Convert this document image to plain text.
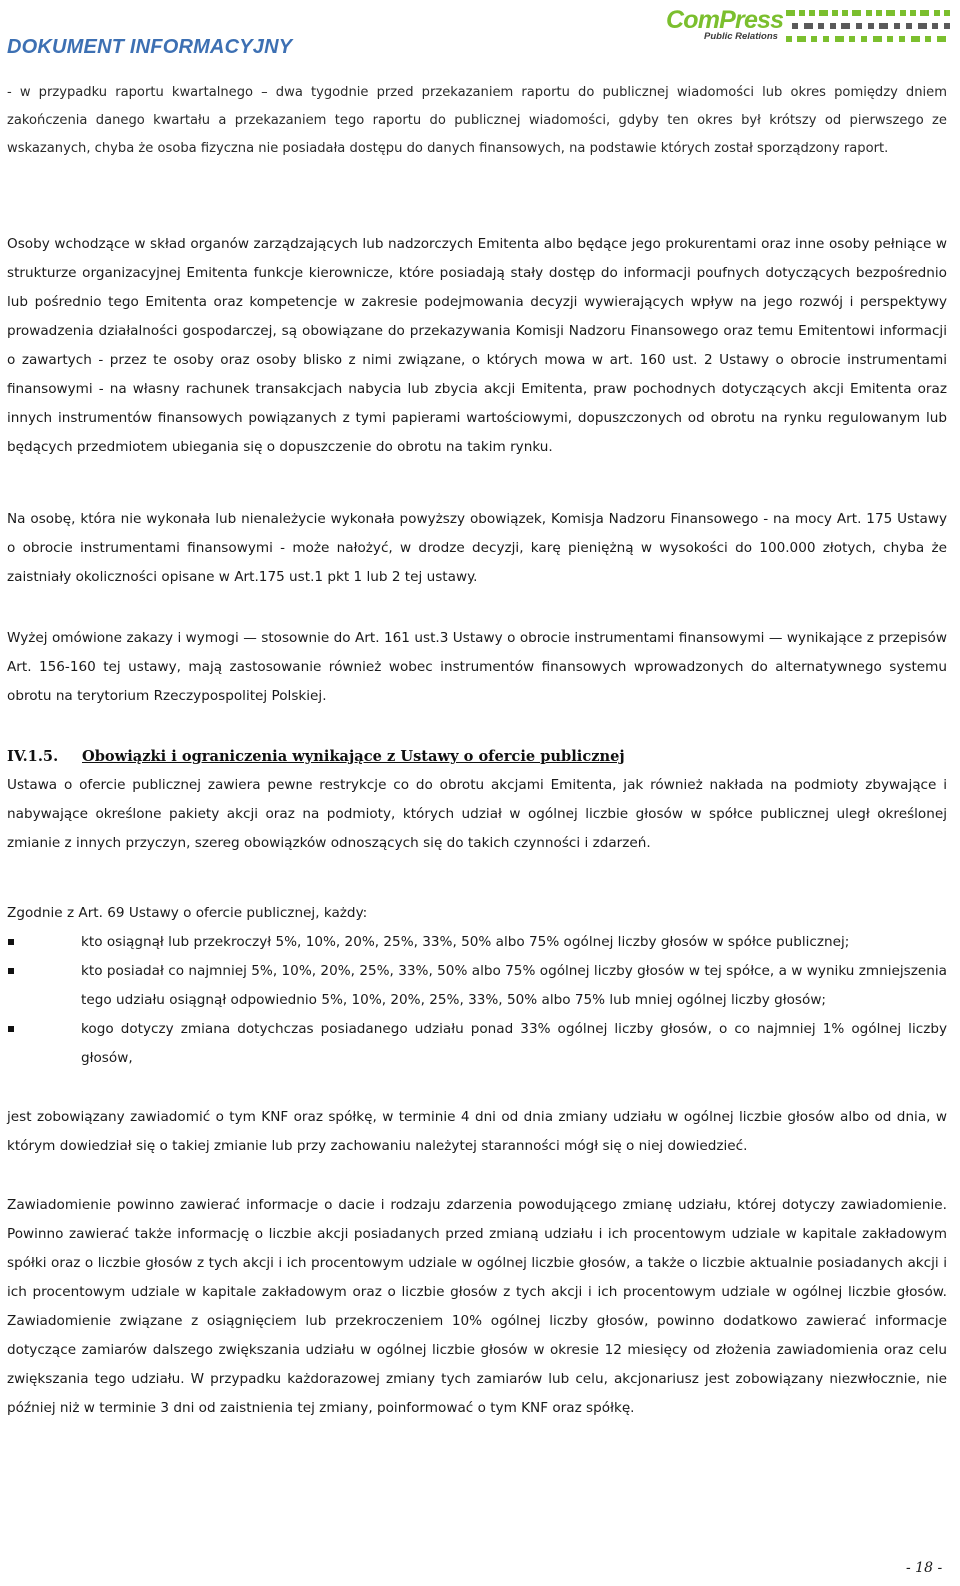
DOKUMENT INFORMACYJNY
ComPress
Public Relations
- w przypadku raportu kwartalnego – dwa tygodnie przed przekazaniem raportu do publicznej wiadomości lub okres pomiędzy dniem zakończenia danego kwartału a przekazaniem tego raportu do publicznej wiadomości, gdyby ten okres był krótszy od pierwszego ze wskazanych, chyba że osoba fizyczna nie posiadała dostępu do danych finansowych, na podstawie których został sporządzony raport.
Osoby wchodzące w skład organów zarządzających lub nadzorczych Emitenta albo będące jego prokurentami oraz inne osoby pełniące w strukturze organizacyjnej Emitenta funkcje kierownicze, które posiadają stały dostęp do informacji poufnych dotyczących bezpośrednio lub pośrednio tego Emitenta oraz kompetencje w zakresie podejmowania decyzji wywierających wpływ na jego rozwój i perspektywy prowadzenia działalności gospodarczej, są obowiązane do przekazywania Komisji Nadzoru Finansowego oraz temu Emitentowi informacji o zawartych - przez te osoby oraz osoby blisko z nimi związane, o których mowa w art. 160 ust. 2 Ustawy o obrocie instrumentami finansowymi - na własny rachunek transakcjach nabycia lub zbycia akcji Emitenta, praw pochodnych dotyczących akcji Emitenta oraz innych instrumentów finansowych powiązanych z tymi papierami wartościowymi, dopuszczonych od obrotu na rynku regulowanym lub będących przedmiotem ubiegania się o dopuszczenie do obrotu na takim rynku.
Na osobę, która nie wykonała lub nienależycie wykonała powyższy obowiązek, Komisja Nadzoru Finansowego - na mocy Art. 175 Ustawy o obrocie instrumentami finansowymi - może nałożyć, w drodze decyzji, karę pieniężną w wysokości do 100.000 złotych, chyba że zaistniały okoliczności opisane w Art.175 ust.1 pkt 1 lub 2 tej ustawy.
Wyżej omówione zakazy i wymogi — stosownie do Art. 161 ust.3 Ustawy o obrocie instrumentami finansowymi — wynikające z przepisów Art. 156-160 tej ustawy, mają zastosowanie również wobec instrumentów finansowych wprowadzonych do alternatywnego systemu obrotu na terytorium Rzeczypospolitej Polskiej.
IV.1.5. Obowiązki i ograniczenia wynikające z Ustawy o ofercie publicznej
Ustawa o ofercie publicznej zawiera pewne restrykcje co do obrotu akcjami Emitenta, jak również nakłada na podmioty zbywające i nabywające określone pakiety akcji oraz na podmioty, których udział w ogólnej liczbie głosów w spółce publicznej uległ określonej zmianie z innych przyczyn, szereg obowiązków odnoszących się do takich czynności i zdarzeń.
Zgodnie z Art. 69 Ustawy o ofercie publicznej, każdy:
kto osiągnął lub przekroczył 5%, 10%, 20%, 25%, 33%, 50% albo 75% ogólnej liczby głosów w spółce publicznej;
kto posiadał co najmniej 5%, 10%, 20%, 25%, 33%, 50% albo 75% ogólnej liczby głosów w tej spółce, a w wyniku zmniejszenia tego udziału osiągnął odpowiednio 5%, 10%, 20%, 25%, 33%, 50% albo 75% lub mniej ogólnej liczby głosów;
kogo dotyczy zmiana dotychczas posiadanego udziału ponad 33% ogólnej liczby głosów, o co najmniej 1% ogólnej liczby głosów,
jest zobowiązany zawiadomić o tym KNF oraz spółkę, w terminie 4 dni od dnia zmiany udziału w ogólnej liczbie głosów albo od dnia, w którym dowiedział się o takiej zmianie lub przy zachowaniu należytej staranności mógł się o niej dowiedzieć.
Zawiadomienie powinno zawierać informacje o dacie i rodzaju zdarzenia powodującego zmianę udziału, której dotyczy zawiadomienie. Powinno zawierać także informację o liczbie akcji posiadanych przed zmianą udziału i ich procentowym udziale w kapitale zakładowym spółki oraz o liczbie głosów z tych akcji i ich procentowym udziale w ogólnej liczbie głosów, a także o liczbie aktualnie posiadanych akcji i ich procentowym udziale w kapitale zakładowym oraz o liczbie głosów z tych akcji i ich procentowym udziale w ogólnej liczbie głosów. Zawiadomienie związane z osiągnięciem lub przekroczeniem 10% ogólnej liczby głosów, powinno dodatkowo zawierać informacje dotyczące zamiarów dalszego zwiększania udziału w ogólnej liczbie głosów w okresie 12 miesięcy od złożenia zawiadomienia oraz celu zwiększania tego udziału. W przypadku każdorazowej zmiany tych zamiarów lub celu, akcjonariusz jest zobowiązany niezwłocznie, nie później niż w terminie 3 dni od zaistnienia tej zmiany, poinformować o tym KNF oraz spółkę.
- 18 -
